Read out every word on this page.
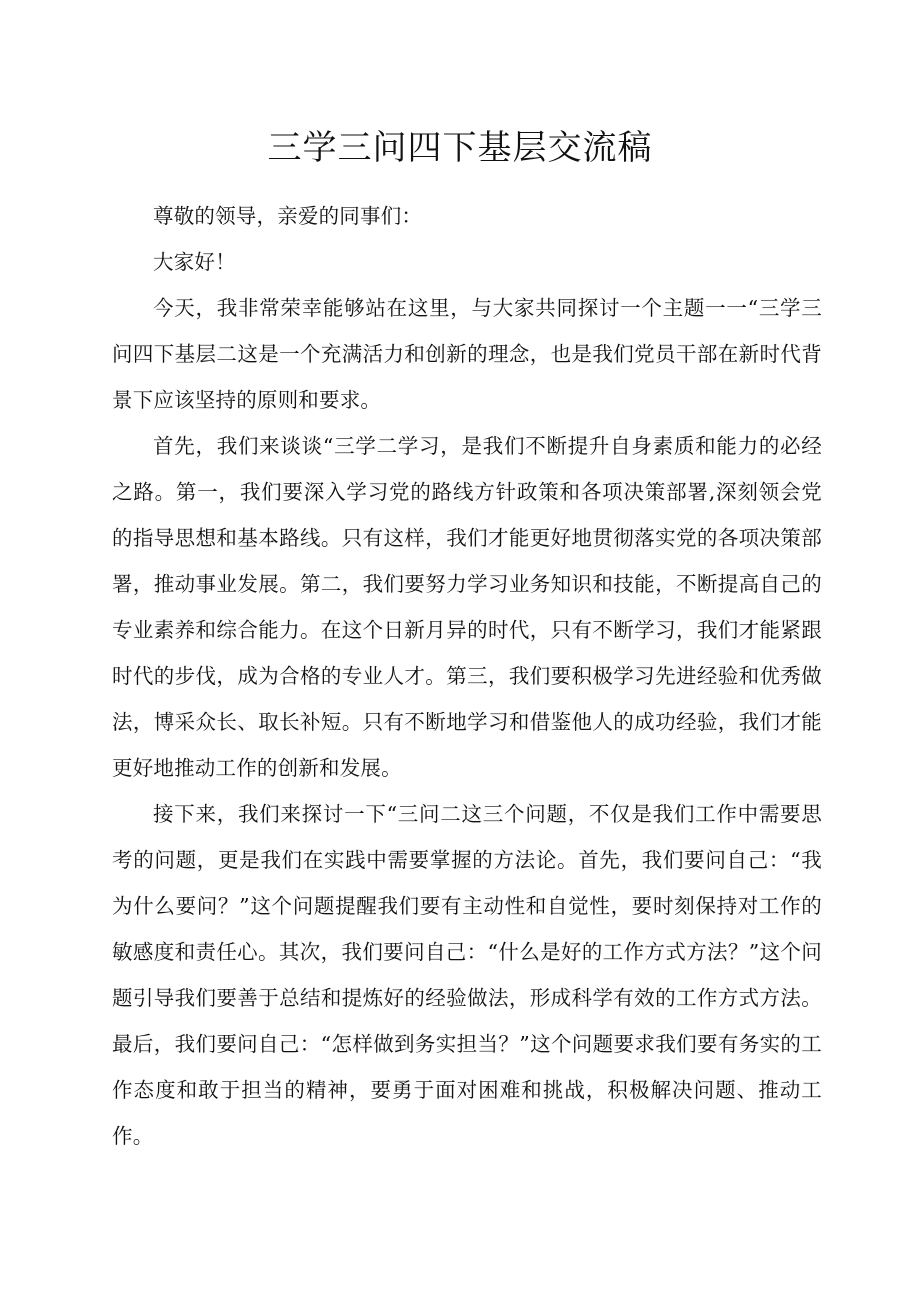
三学三问四下基层交流稿

尊敬的领导，亲爱的同事们：

大家好！

今天，我非常荣幸能够站在这里，与大家共同探讨一个主题一一“三学三问四下基层二这是一个充满活力和创新的理念，也是我们党员干部在新时代背景下应该坚持的原则和要求。

首先，我们来谈谈“三学二学习，是我们不断提升自身素质和能力的必经之路。第一，我们要深入学习党的路线方针政策和各项决策部署,深刻领会党的指导思想和基本路线。只有这样，我们才能更好地贯彻落实党的各项决策部署，推动事业发展。第二，我们要努力学习业务知识和技能，不断提高自己的专业素养和综合能力。在这个日新月异的时代，只有不断学习，我们才能紧跟时代的步伐，成为合格的专业人才。第三，我们要积极学习先进经验和优秀做法，博采众长、取长补短。只有不断地学习和借鉴他人的成功经验，我们才能更好地推动工作的创新和发展。

接下来，我们来探讨一下“三问二这三个问题，不仅是我们工作中需要思考的问题，更是我们在实践中需要掌握的方法论。首先，我们要问自己：“我为什么要问？”这个问题提醒我们要有主动性和自觉性，要时刻保持对工作的敏感度和责任心。其次，我们要问自己：“什么是好的工作方式方法？”这个问题引导我们要善于总结和提炼好的经验做法，形成科学有效的工作方式方法。最后，我们要问自己：“怎样做到务实担当？”这个问题要求我们要有务实的工作态度和敢于担当的精神，要勇于面对困难和挑战，积极解决问题、推动工作。
